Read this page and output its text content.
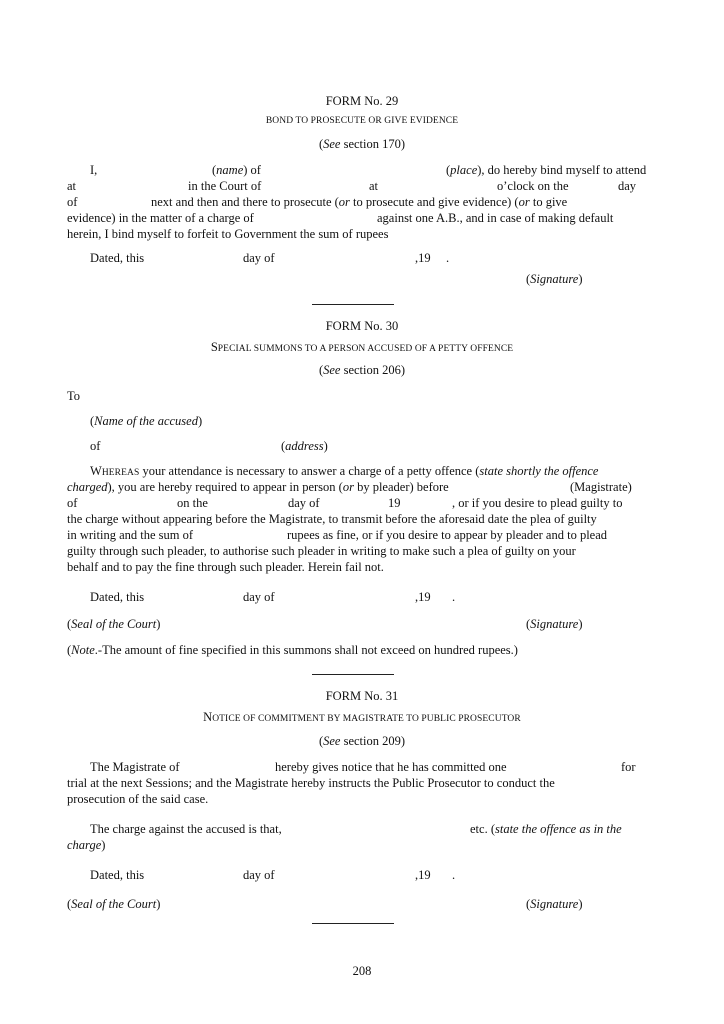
FORM No. 29
BOND TO PROSECUTE OR GIVE EVIDENCE
(See section 170)
I,	(name) of	(place), do hereby bind myself to attend
at	in the Court of	at	o’clock on the	day
of	next and then and there to prosecute (or to prosecute and give evidence) (or to give
evidence) in the matter of a charge of	against one A.B., and in case of making default
herein, I bind myself to forfeit to Government the sum of rupees
Dated, this	day of	,19 .
(Signature)
FORM No. 30
SPECIAL SUMMONS TO A PERSON ACCUSED OF A PETTY OFFENCE
(See section 206)
To
(Name of the accused)
of	(address)
WHEREAS your attendance is necessary to answer a charge of a petty offence (state shortly the offence
charged), you are hereby required to appear in person (or by pleader) before	(Magistrate)
of	on the	day of	19	, or if you desire to plead guilty to
the charge without appearing before the Magistrate, to transmit before the aforesaid date the plea of guilty
in writing and the sum of	rupees as fine, or if you desire to appear by pleader and to plead
guilty through such pleader, to authorise such pleader in writing to make such a plea of guilty on your
behalf and to pay the fine through such pleader. Herein fail not.
Dated, this	day of	,19 .
(Seal of the Court)	(Signature)
(Note.-The amount of fine specified in this summons shall not exceed on hundred rupees.)
FORM No. 31
NOTICE OF COMMITMENT BY MAGISTRATE TO PUBLIC PROSECUTOR
(See section 209)
The Magistrate of	hereby gives notice that he has committed one	for
trial at the next Sessions; and the Magistrate hereby instructs the Public Prosecutor to conduct the
prosecution of the said case.
The charge against the accused is that,	etc. (state the offence as in the
charge)
Dated, this	day of	,19 .
(Seal of the Court)	(Signature)
208
